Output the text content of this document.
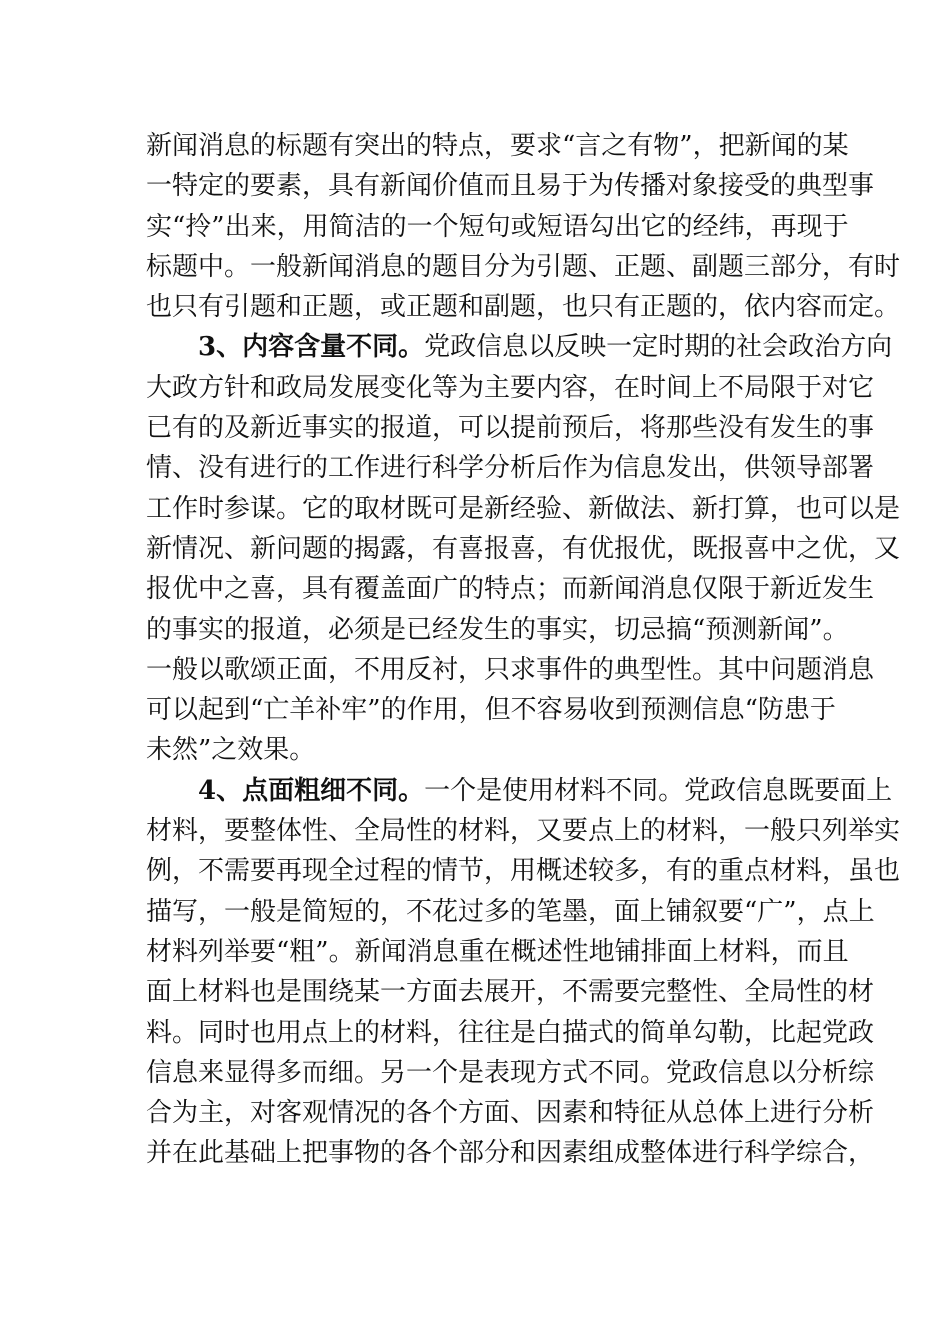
新闻消息的标题有突出的特点，要求“言之有物”，把新闻的某
一特定的要素，具有新闻价值而且易于为传播对象接受的典型事
实“拎”出来，用简洁的一个短句或短语勾出它的经纬，再现于
标题中。一般新闻消息的题目分为引题、正题、副题三部分，有时
也只有引题和正题，或正题和副题，也只有正题的，依内容而定。
3、内容含量不同。党政信息以反映一定时期的社会政治方向
大政方针和政局发展变化等为主要内容，在时间上不局限于对它
已有的及新近事实的报道，可以提前预后，将那些没有发生的事
情、没有进行的工作进行科学分析后作为信息发出，供领导部署
工作时参谋。它的取材既可是新经验、新做法、新打算，也可以是
新情况、新问题的揭露，有喜报喜，有优报优，既报喜中之优，又
报优中之喜，具有覆盖面广的特点；而新闻消息仅限于新近发生
的事实的报道，必须是已经发生的事实，切忌搞“预测新闻”。
一般以歌颂正面，不用反衬，只求事件的典型性。其中问题消息
可以起到“亡羊补牢”的作用，但不容易收到预测信息“防患于
未然”之效果。
4、点面粗细不同。一个是使用材料不同。党政信息既要面上
材料，要整体性、全局性的材料，又要点上的材料，一般只列举实
例，不需要再现全过程的情节，用概述较多，有的重点材料，虽也
描写，一般是简短的，不花过多的笔墨，面上铺叙要“广”，点上
材料列举要“粗”。新闻消息重在概述性地铺排面上材料，而且
面上材料也是围绕某一方面去展开，不需要完整性、全局性的材
料。同时也用点上的材料，往往是白描式的简单勾勒，比起党政
信息来显得多而细。另一个是表现方式不同。党政信息以分析综
合为主，对客观情况的各个方面、因素和特征从总体上进行分析
并在此基础上把事物的各个部分和因素组成整体进行科学综合，
